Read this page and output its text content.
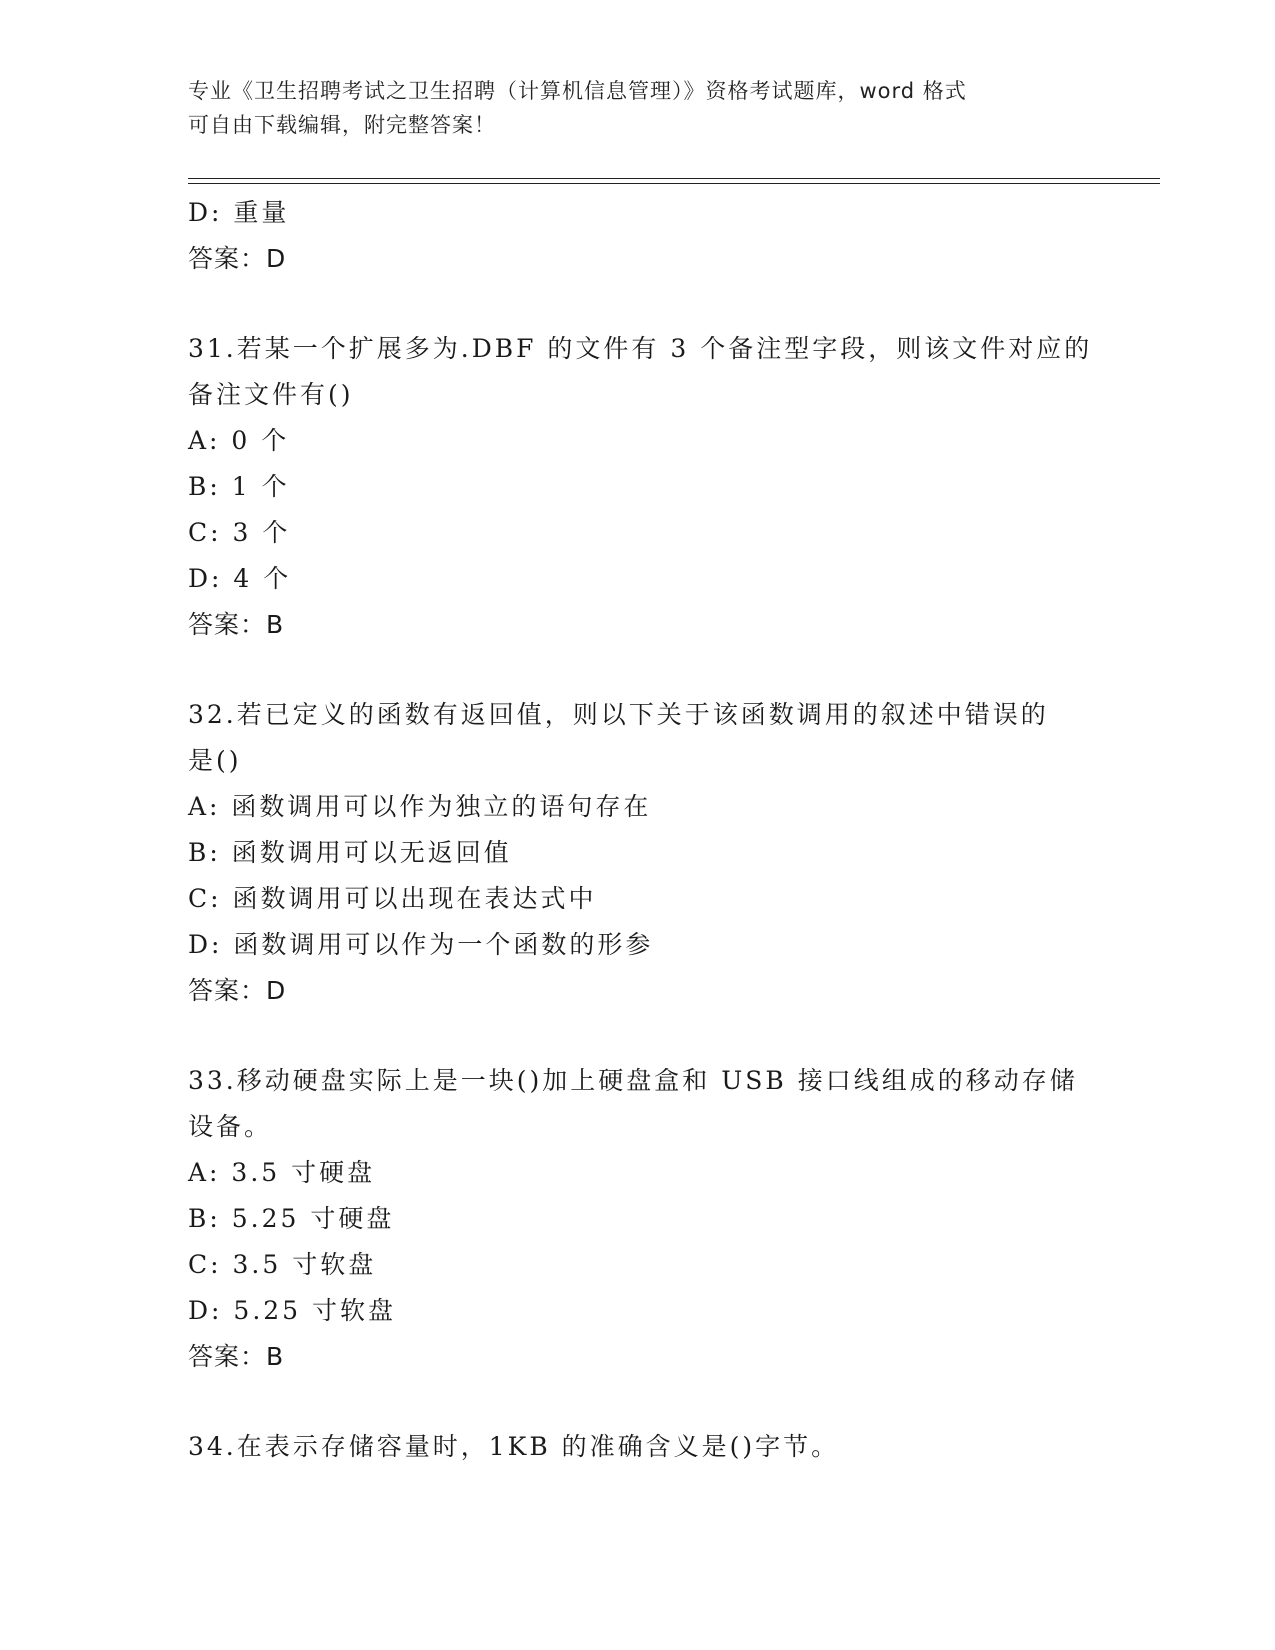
专业《卫生招聘考试之卫生招聘（计算机信息管理）》资格考试题库，word 格式
可自由下载编辑，附完整答案！
D: 重量
答案：D
31.若某一个扩展多为.DBF 的文件有 3 个备注型字段，则该文件对应的
备注文件有()
A: 0 个
B: 1 个
C: 3 个
D: 4 个
答案：B
32.若已定义的函数有返回值，则以下关于该函数调用的叙述中错误的
是()
A: 函数调用可以作为独立的语句存在
B: 函数调用可以无返回值
C: 函数调用可以出现在表达式中
D: 函数调用可以作为一个函数的形参
答案：D
33.移动硬盘实际上是一块()加上硬盘盒和 USB 接口线组成的移动存储
设备。
A: 3.5 寸硬盘
B: 5.25 寸硬盘
C: 3.5 寸软盘
D: 5.25 寸软盘
答案：B
34.在表示存储容量时，1KB 的准确含义是()字节。
